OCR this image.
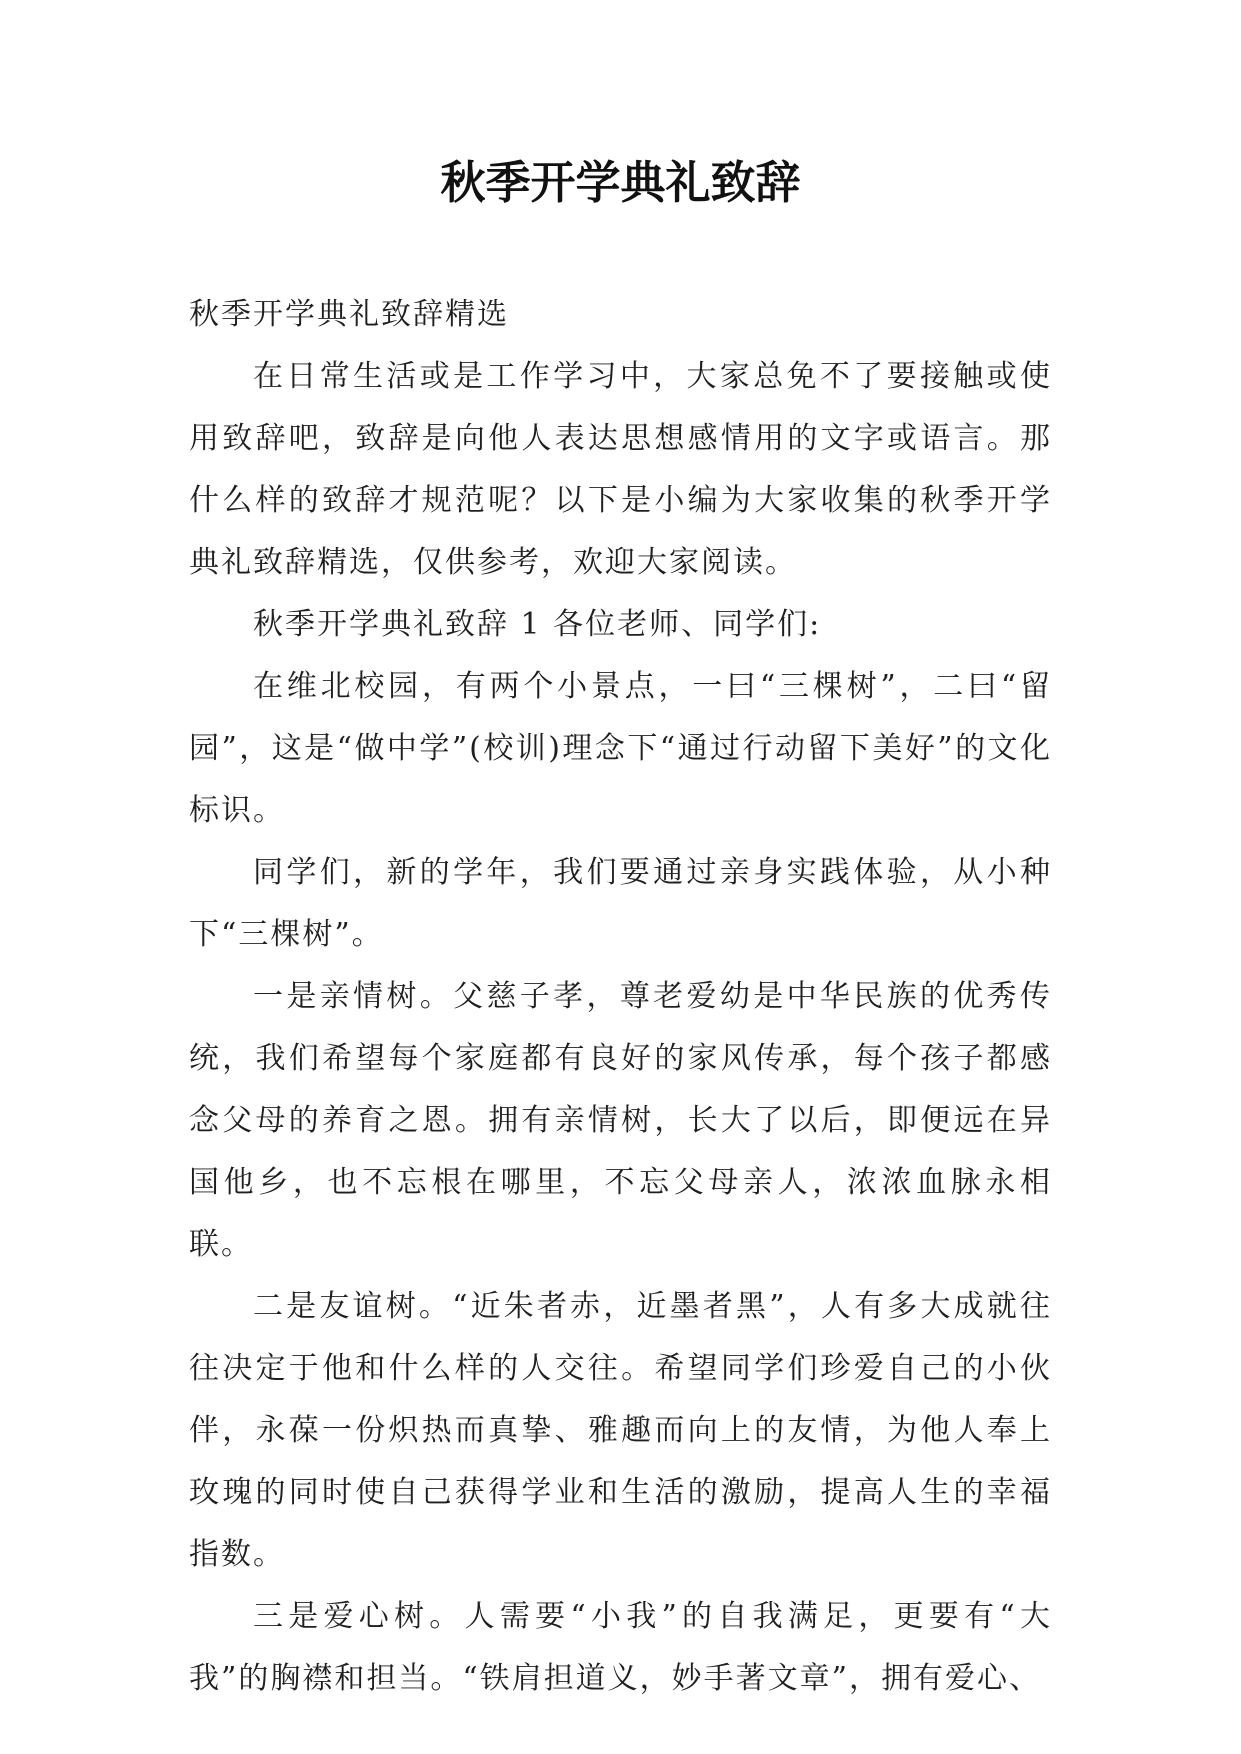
秋季开学典礼致辞

秋季开学典礼致辞精选

在日常生活或是工作学习中，大家总免不了要接触或使用致辞吧，致辞是向他人表达思想感情用的文字或语言。那什么样的致辞才规范呢？以下是小编为大家收集的秋季开学典礼致辞精选，仅供参考，欢迎大家阅读。

秋季开学典礼致辞 1 各位老师、同学们:

在维北校园，有两个小景点，一曰“三棵树”，二曰“留园”，这是“做中学”(校训)理念下“通过行动留下美好”的文化标识。

同学们，新的学年，我们要通过亲身实践体验，从小种下“三棵树”。

一是亲情树。父慈子孝，尊老爱幼是中华民族的优秀传统，我们希望每个家庭都有良好的家风传承，每个孩子都感念父母的养育之恩。拥有亲情树，长大了以后，即便远在异国他乡，也不忘根在哪里，不忘父母亲人，浓浓血脉永相联。

二是友谊树。“近朱者赤，近墨者黑”，人有多大成就往往决定于他和什么样的人交往。希望同学们珍爱自己的小伙伴，永葆一份炽热而真挚、雅趣而向上的友情，为他人奉上玫瑰的同时使自己获得学业和生活的激励，提高人生的幸福指数。

三是爱心树。人需要“小我”的自我满足，更要有“大我”的胸襟和担当。“铁肩担道义，妙手著文章”，拥有爱心、
